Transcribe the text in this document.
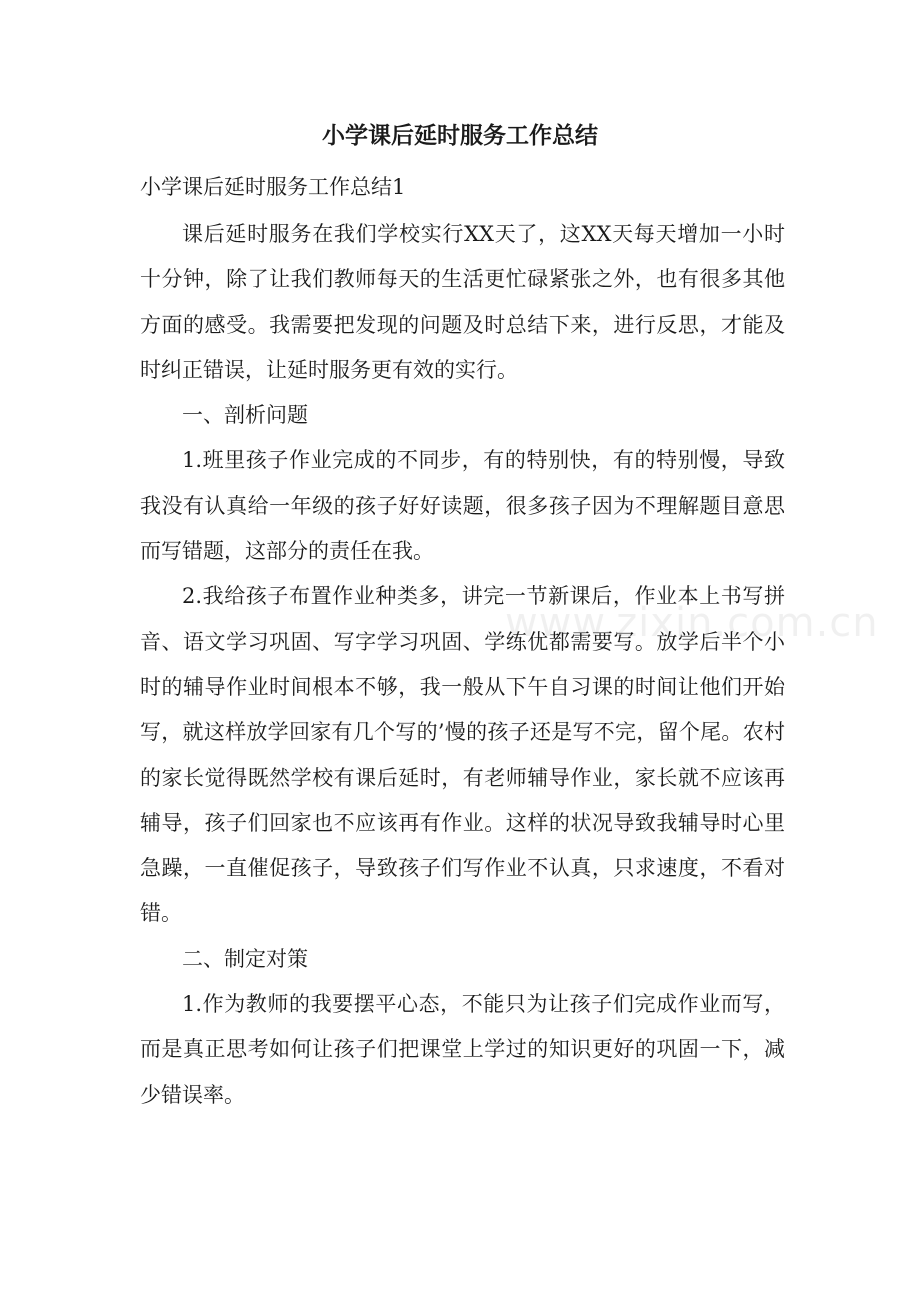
小学课后延时服务工作总结

小学课后延时服务工作总结1

课后延时服务在我们学校实行XX天了，这XX天每天增加一小时十分钟，除了让我们教师每天的生活更忙碌紧张之外，也有很多其他方面的感受。我需要把发现的问题及时总结下来，进行反思，才能及时纠正错误，让延时服务更有效的实行。

一、剖析问题

1.班里孩子作业完成的不同步，有的特别快，有的特别慢，导致我没有认真给一年级的孩子好好读题，很多孩子因为不理解题目意思而写错题，这部分的责任在我。

2.我给孩子布置作业种类多，讲完一节新课后，作业本上书写拼音、语文学习巩固、写字学习巩固、学练优都需要写。放学后半个小时的辅导作业时间根本不够，我一般从下午自习课的时间让他们开始写，就这样放学回家有几个写的’慢的孩子还是写不完，留个尾。农村的家长觉得既然学校有课后延时，有老师辅导作业，家长就不应该再辅导，孩子们回家也不应该再有作业。这样的状况导致我辅导时心里急躁，一直催促孩子，导致孩子们写作业不认真，只求速度，不看对错。

二、制定对策

1.作为教师的我要摆平心态，不能只为让孩子们完成作业而写，而是真正思考如何让孩子们把课堂上学过的知识更好的巩固一下，减少错误率。

www.zixin.com.cn
